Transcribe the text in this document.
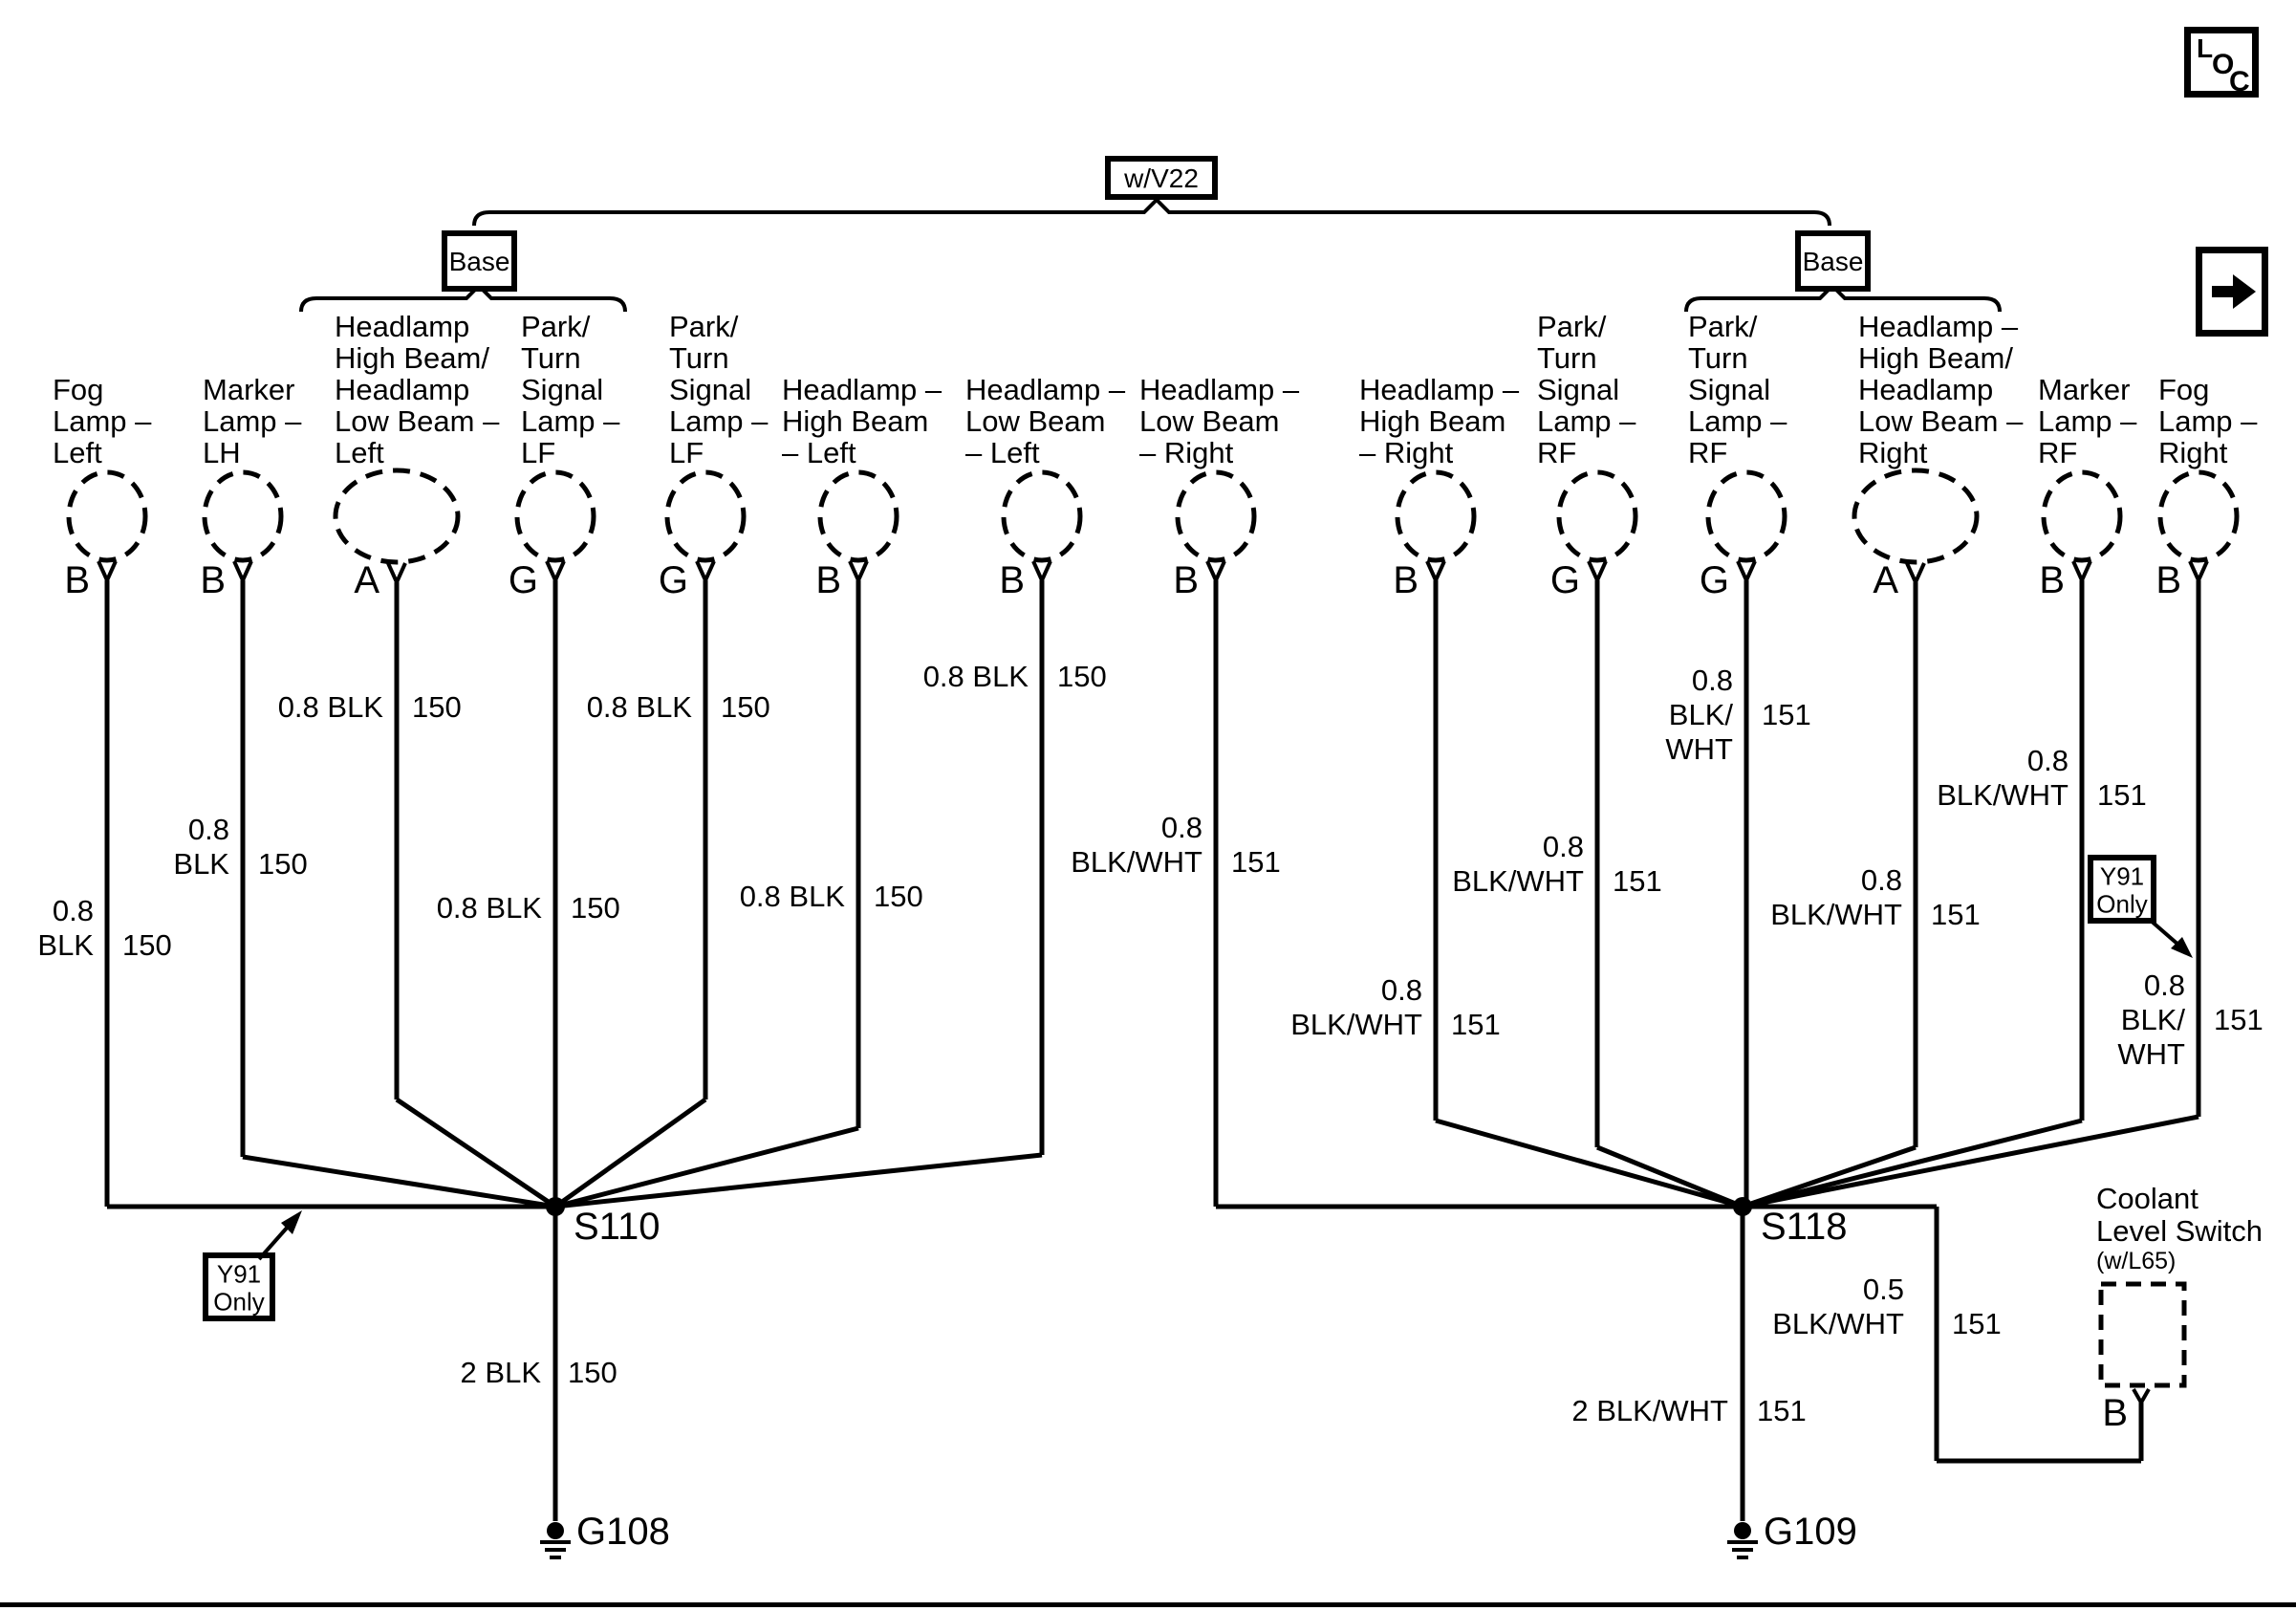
B
Fog
Lamp –
Left
0.8
BLK 150
B
Marker
Lamp –
LH
0.8
BLK 150
A
Headlamp
High Beam/
Headlamp
Low Beam –
Left
0.8 BLK 150
G
Park/
Turn
Signal
Lamp –
LF
0.8 BLK 150
G
Park/
Turn
Signal
Lamp –
LF
0.8 BLK 150
B
Headlamp –
High Beam
– Left
0.8 BLK 150
B
Headlamp –
Low Beam
– Left
0.8 BLK 150
B
Headlamp –
Low Beam
– Right
0.8
BLK/WHT 151
B
Headlamp –
High Beam
– Right
0.8
BLK/WHT 151
G
Park/
Turn
Signal
Lamp –
RF
0.8
BLK/WHT 151
G
Park/
Turn
Signal
Lamp –
RF
0.8
BLK/
WHT
151
A
Headlamp –
High Beam/
Headlamp
Low Beam –
Right
0.8
BLK/WHT 151
B
Marker
Lamp –
RF
0.8
BLK/WHT 151
B
Fog
Lamp –
Right
0.8
BLK/
WHT
151
S110
G108
S118
G109
2 BLK 150
2 BLK/WHT 151
w/V22
Base	Base
Y91
Only
Y91
Only
Coolant
Level Switch
(w/L65)
B
0.5
BLK/WHT 151
L
O
C
